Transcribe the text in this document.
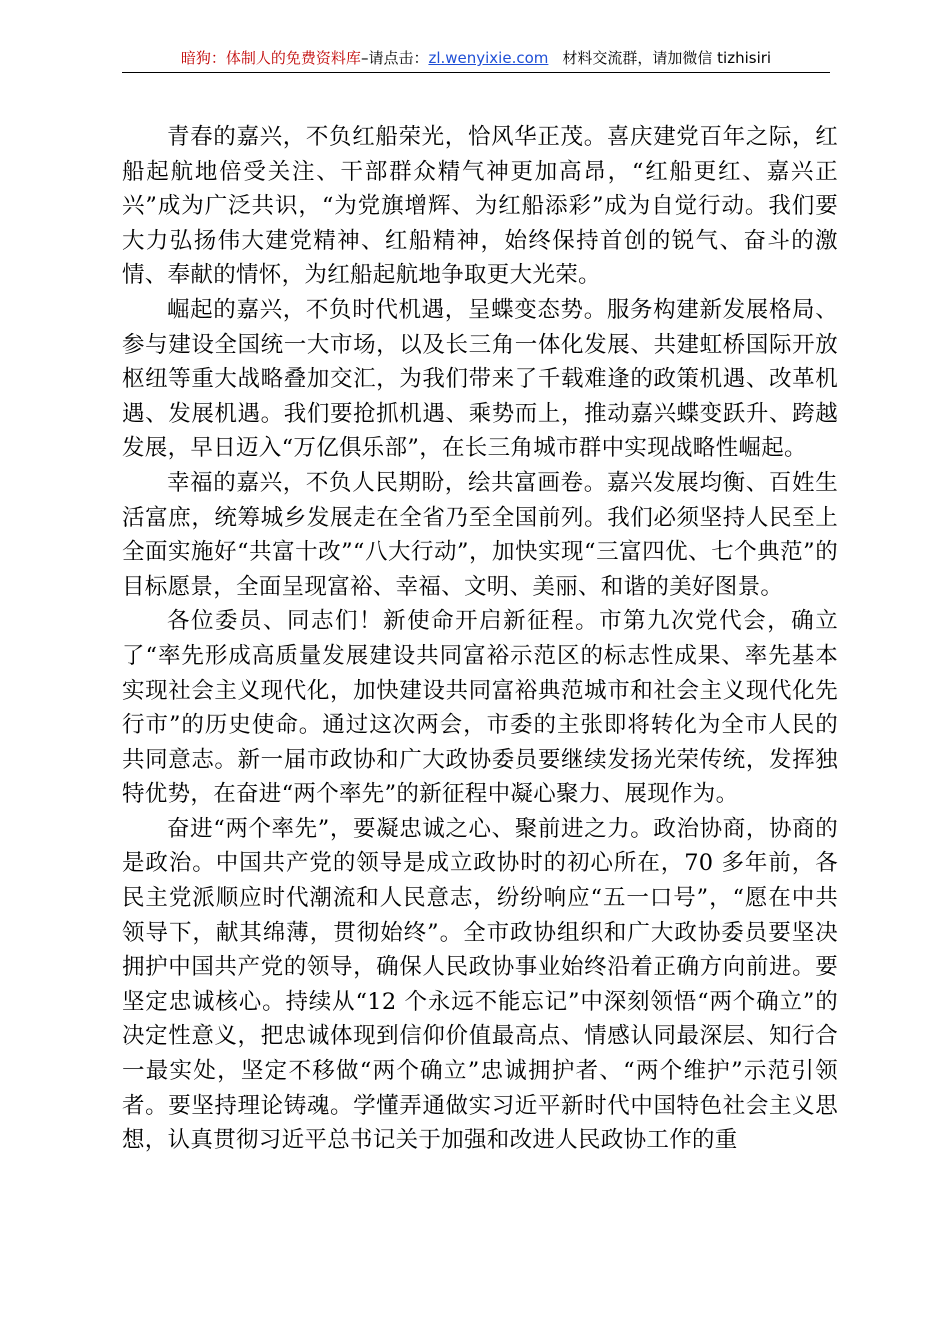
暗狗：体制人的免费资料库–请点击：zl.wenyixie.com 材料交流群，请加微信 tizhisiri

青春的嘉兴，不负红船荣光，恰风华正茂。喜庆建党百年之际，红船起航地倍受关注、干部群众精气神更加高昂，“红船更红、嘉兴正兴”成为广泛共识，“为党旗增辉、为红船添彩”成为自觉行动。我们要大力弘扬伟大建党精神、红船精神，始终保持首创的锐气、奋斗的激情、奉献的情怀，为红船起航地争取更大光荣。

崛起的嘉兴，不负时代机遇，呈蝶变态势。服务构建新发展格局、参与建设全国统一大市场，以及长三角一体化发展、共建虹桥国际开放枢纽等重大战略叠加交汇，为我们带来了千载难逢的政策机遇、改革机遇、发展机遇。我们要抢抓机遇、乘势而上，推动嘉兴蝶变跃升、跨越发展，早日迈入“万亿俱乐部”，在长三角城市群中实现战略性崛起。

幸福的嘉兴，不负人民期盼，绘共富画卷。嘉兴发展均衡、百姓生活富庶，统筹城乡发展走在全省乃至全国前列。我们必须坚持人民至上全面实施好“共富十改”“八大行动”，加快实现“三富四优、七个典范”的目标愿景，全面呈现富裕、幸福、文明、美丽、和谐的美好图景。

各位委员、同志们！新使命开启新征程。市第九次党代会，确立了“率先形成高质量发展建设共同富裕示范区的标志性成果、率先基本实现社会主义现代化，加快建设共同富裕典范城市和社会主义现代化先行市”的历史使命。通过这次两会，市委的主张即将转化为全市人民的共同意志。新一届市政协和广大政协委员要继续发扬光荣传统，发挥独特优势，在奋进“两个率先”的新征程中凝心聚力、展现作为。

奋进“两个率先”，要凝忠诚之心、聚前进之力。政治协商，协商的是政治。中国共产党的领导是成立政协时的初心所在，70 多年前，各民主党派顺应时代潮流和人民意志，纷纷响应“五一口号”，“愿在中共领导下，献其绵薄，贯彻始终”。全市政协组织和广大政协委员要坚决拥护中国共产党的领导，确保人民政协事业始终沿着正确方向前进。要坚定忠诚核心。持续从“12 个永远不能忘记”中深刻领悟“两个确立”的决定性意义，把忠诚体现到信仰价值最高点、情感认同最深层、知行合一最实处，坚定不移做“两个确立”忠诚拥护者、“两个维护”示范引领者。要坚持理论铸魂。学懂弄通做实习近平新时代中国特色社会主义思想，认真贯彻习近平总书记关于加强和改进人民政协工作的重
